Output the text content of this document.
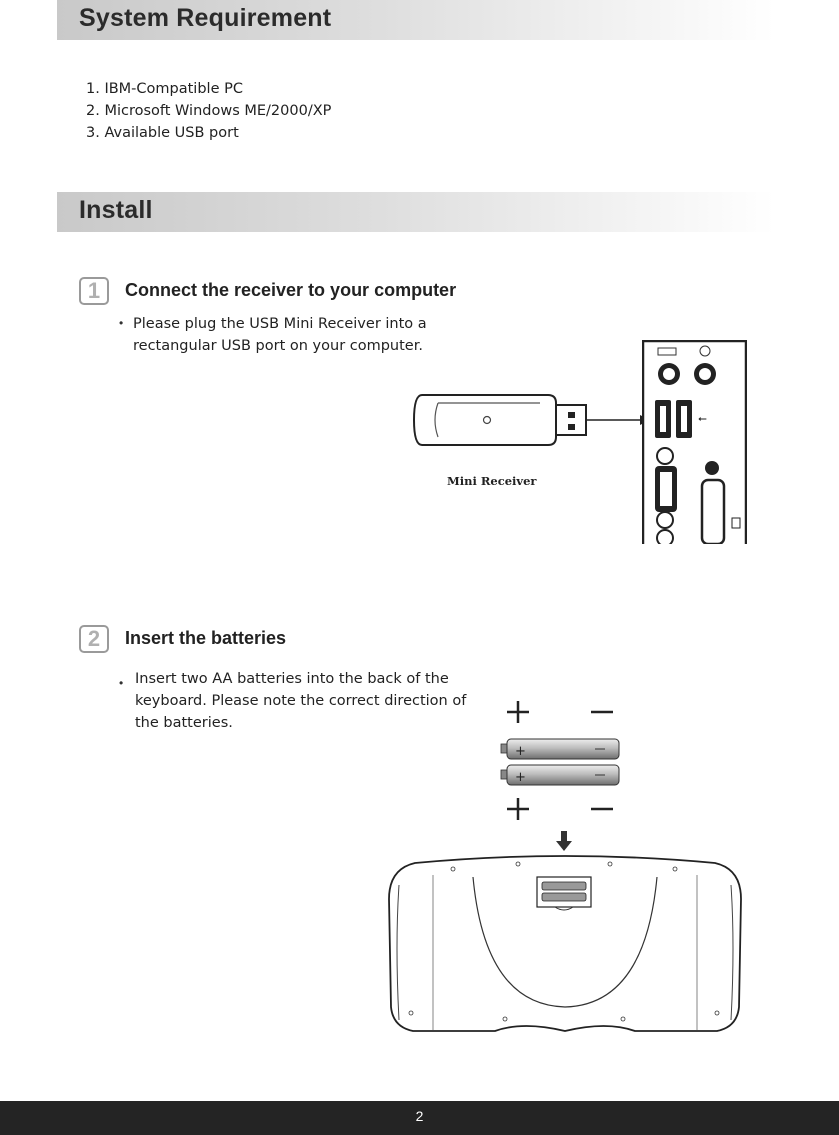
System Requirement
1. IBM-Compatible PC
2. Microsoft Windows ME/2000/XP
3. Available USB port
Install
1	Connect the receiver to your computer
• Please plug the USB Mini Receiver into a
rectangular USB port on your computer.

Mini Receiver
⭠
2	Insert the batteries
• Insert two AA batteries into the back of the
keyboard. Please note the correct direction of
the batteries.

+
+
2
